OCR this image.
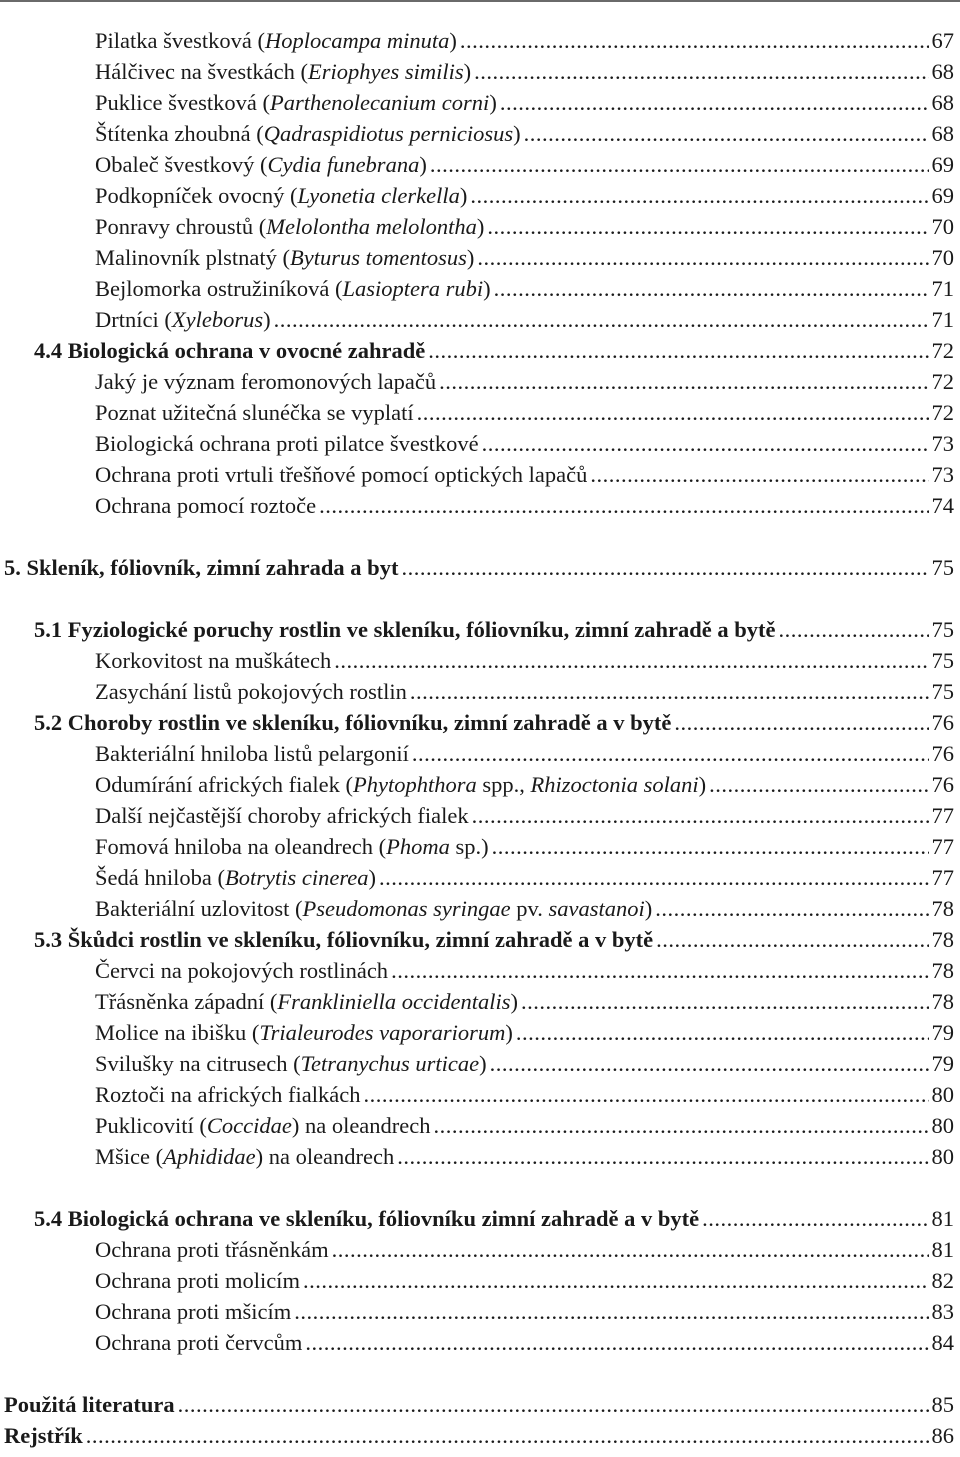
Pilatka švestková (Hoplocampa minuta) .....	67
Hálčivec na švestkách (Eriophyes similis) .....	68
Puklice švestková (Parthenolecanium corni) .....	68
Štítenka zhoubná (Qadraspidiotus perniciosus) .....	68
Obaleč švestkový (Cydia funebrana) .....	69
Podkopníček ovocný (Lyonetia clerkella) .....	69
Ponravy chroustů (Melolontha melolontha) .....	70
Malinovník plstnatý (Byturus tomentosus) .....	70
Bejlomorka ostružiníková (Lasioptera rubi) .....	71
Drtníci (Xyleborus) .....	71
4.4 Biologická ochrana v ovocné zahradě .....	72
Jaký je význam feromonových lapačů .....	72
Poznat užitečná slunéčka se vyplatí .....	72
Biologická ochrana proti pilatce švestkové .....	73
Ochrana proti vrtuli třešňové pomocí optických lapačů .....	73
Ochrana pomocí roztoče .....	74
5. Skleník, fóliovník, zimní zahrada a byt .....	75
5.1 Fyziologické poruchy rostlin ve skleníku, fóliovníku, zimní zahradě a bytě .....	75
Korkovitost na muškátech .....	75
Zasychání listů pokojových rostlin .....	75
5.2 Choroby rostlin ve skleníku, fóliovníku, zimní zahradě a v bytě .....	76
Bakteriální hniloba listů pelargonií .....	76
Odumírání afrických fialek (Phytophthora spp., Rhizoctonia solani) .....	76
Další nejčastější choroby afrických fialek .....	77
Fomová hniloba na oleandrech (Phoma sp.) .....	77
Šedá hniloba (Botrytis cinerea) .....	77
Bakteriální uzlovitost (Pseudomonas syringae pv. savastanoi) .....	78
5.3 Škůdci rostlin ve skleníku, fóliovníku, zimní zahradě a v bytě .....	78
Červci na pokojových rostlinách .....	78
Třásněnka západní (Frankliniella occidentalis) .....	78
Molice na ibišku (Trialeurodes vaporariorum) .....	79
Svilušky na citrusech (Tetranychus urticae) .....	79
Roztoči na afrických fialkách .....	80
Puklicovití (Coccidae) na oleandrech .....	80
Mšice (Aphididae) na oleandrech .....	80
5.4 Biologická ochrana ve skleníku, fóliovníku zimní zahradě a v bytě .....	81
Ochrana proti třásněnkám .....	81
Ochrana proti molicím .....	82
Ochrana proti mšicím .....	83
Ochrana proti červcům .....	84
Použitá literatura .....	85
Rejstřík .....	86
